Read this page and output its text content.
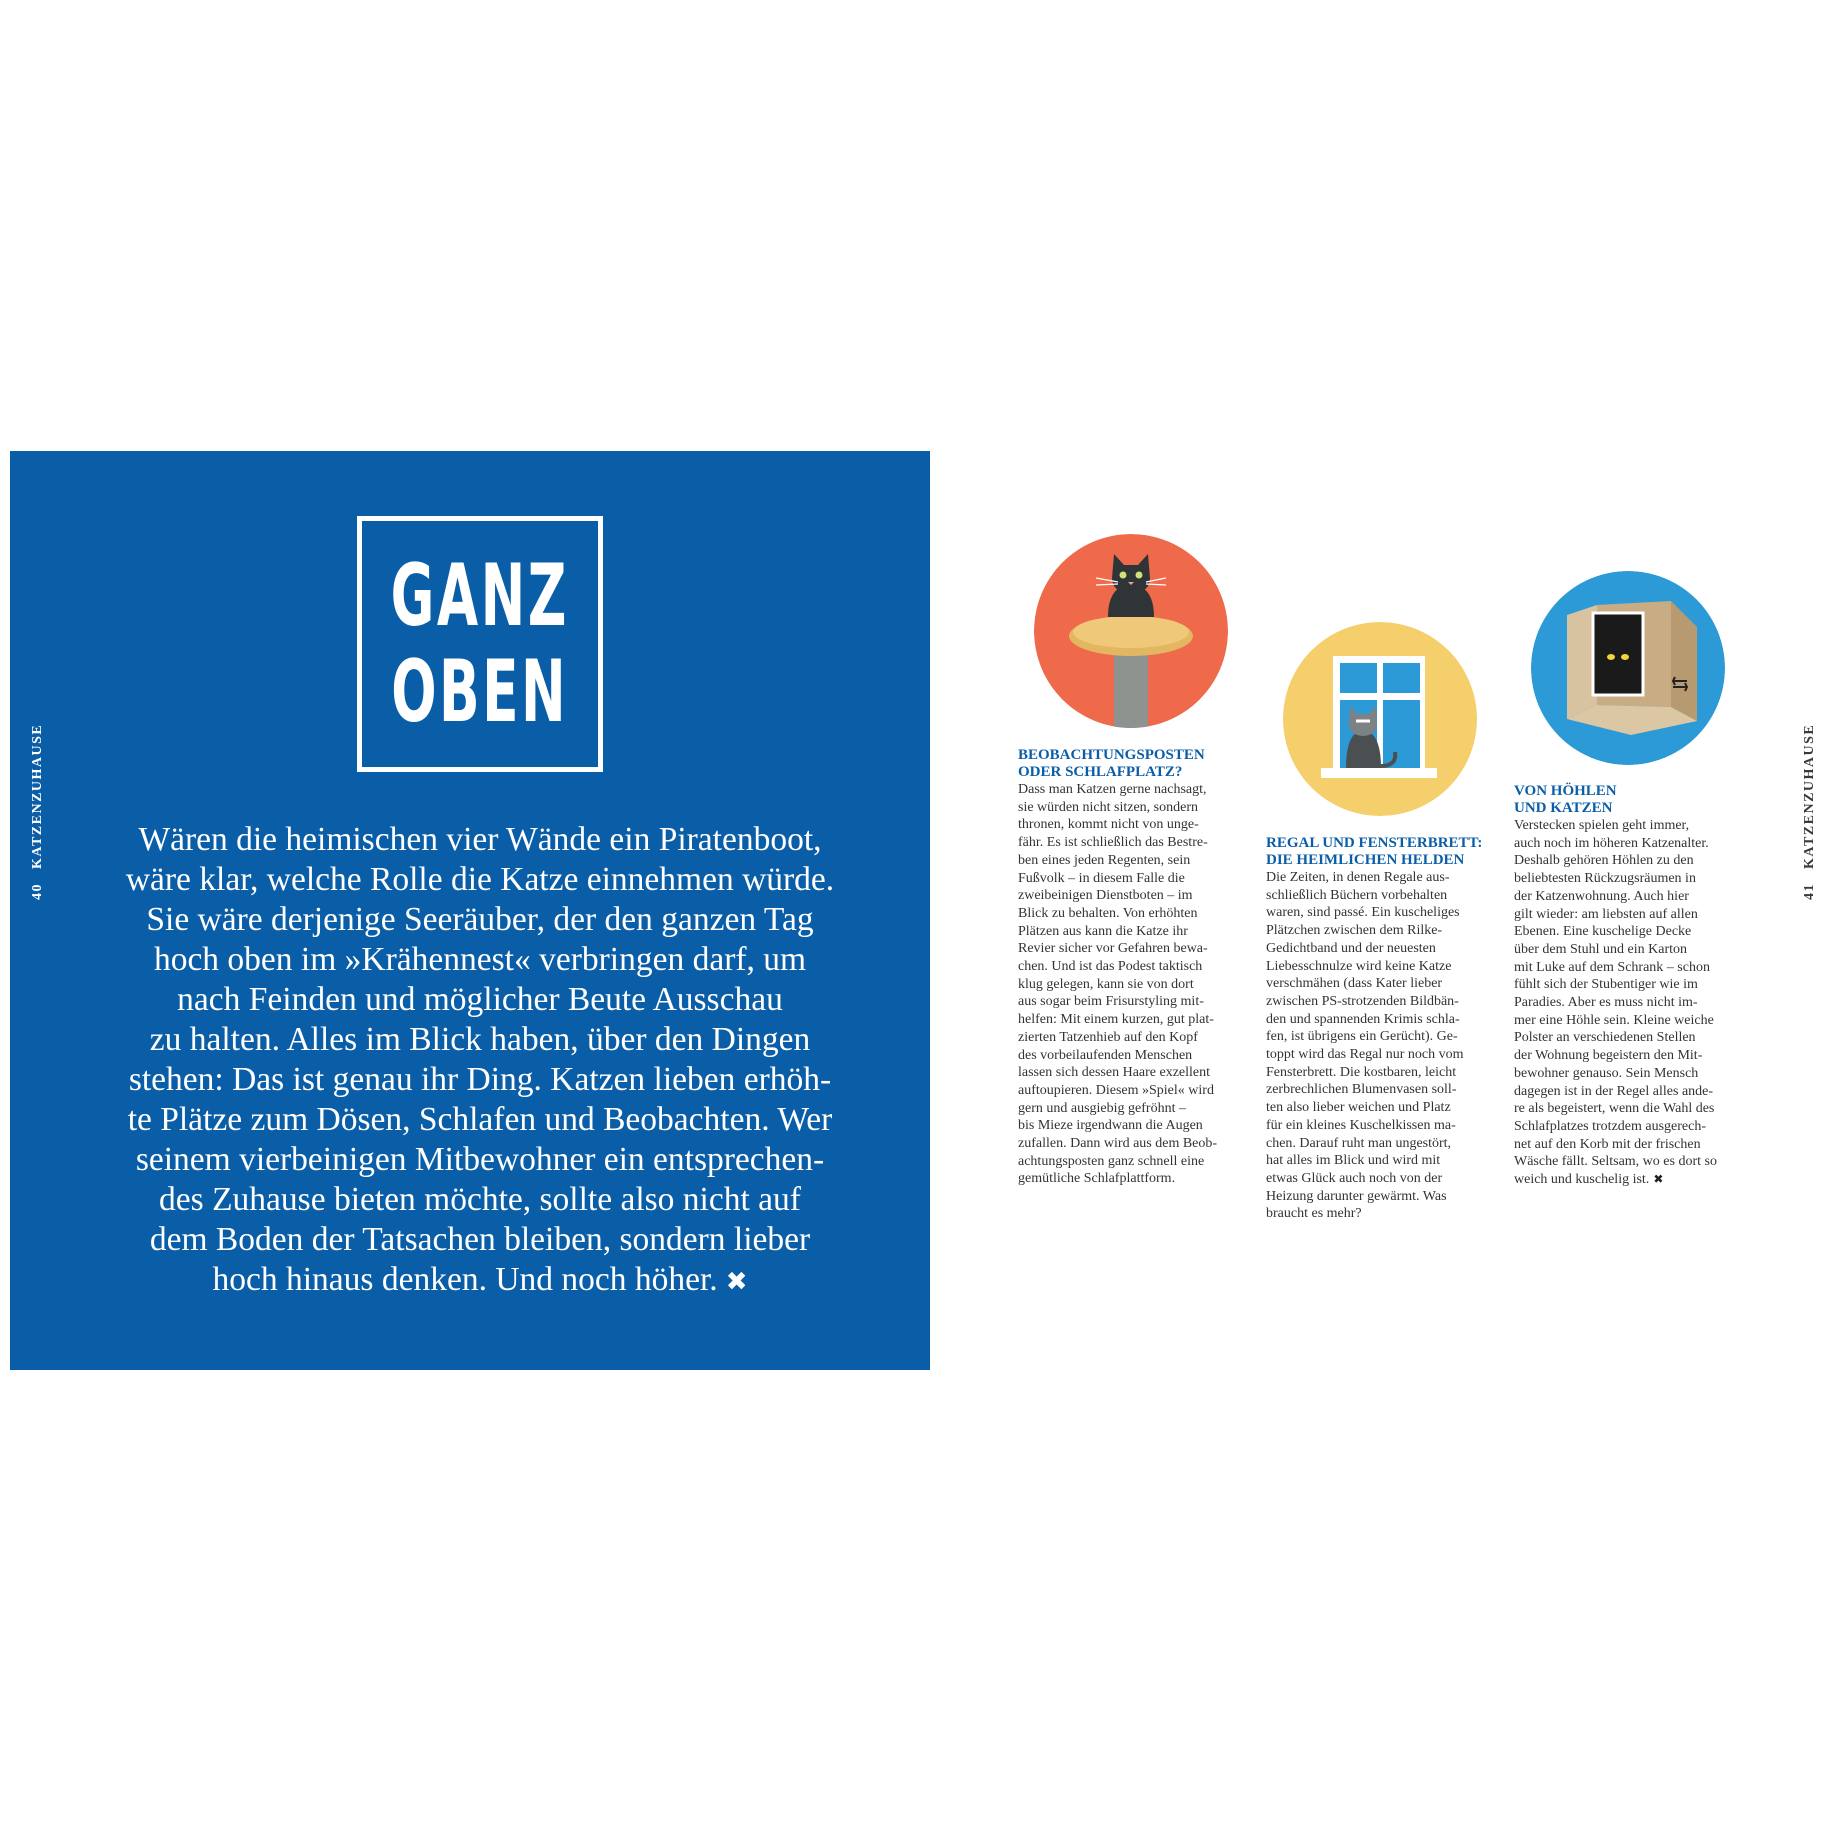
40KATZENZUHAUSE
GANZ
OBEN
Wären die heimischen vier Wände ein Piratenboot,
wäre klar, welche Rolle die Katze einnehmen würde.
Sie wäre derjenige Seeräuber, der den ganzen Tag
hoch oben im »Krähennest« verbringen darf, um
nach Feinden und möglicher Beute Ausschau
zu halten. Alles im Blick haben, über den Dingen
stehen: Das ist genau ihr Ding. Katzen lieben erhöh-
te Plätze zum Dösen, Schlafen und Beobachten. Wer
seinem vierbeinigen Mitbewohner ein entsprechen-
des Zuhause bieten möchte, sollte also nicht auf
dem Boden der Tatsachen bleiben, sondern lieber
hoch hinaus denken. Und noch höher. ✖
41KATZENZUHAUSE

BEOBACHTUNGSPOSTEN
ODER SCHLAFPLATZ?

Dass man Katzen gerne nachsagt,
sie würden nicht sitzen, sondern
thronen, kommt nicht von unge-
fähr. Es ist schließlich das Bestre-
ben eines jeden Regenten, sein
Fußvolk – in diesem Falle die
zweibeinigen Dienstboten – im
Blick zu behalten. Von erhöhten
Plätzen aus kann die Katze ihr
Revier sicher vor Gefahren bewa-
chen. Und ist das Podest taktisch
klug gelegen, kann sie von dort
aus sogar beim Frisurstyling mit-
helfen: Mit einem kurzen, gut plat-
zierten Tatzenhieb auf den Kopf
des vorbeilaufenden Menschen
lassen sich dessen Haare exzellent
auftoupieren. Diesem »Spiel« wird
gern und ausgiebig gefröhnt –
bis Mieze irgendwann die Augen
zufallen. Dann wird aus dem Beob-
achtungsposten ganz schnell eine
gemütliche Schlafplattform.

REGAL UND FENSTERBRETT:
DIE HEIMLICHEN HELDEN

Die Zeiten, in denen Regale aus-
schließlich Büchern vorbehalten
waren, sind passé. Ein kuscheliges
Plätzchen zwischen dem Rilke-
Gedichtband und der neuesten
Liebesschnulze wird keine Katze
verschmähen (dass Kater lieber
zwischen PS-strotzenden Bildbän-
den und spannenden Krimis schla-
fen, ist übrigens ein Gerücht). Ge-
toppt wird das Regal nur noch vom
Fensterbrett. Die kostbaren, leicht
zerbrechlichen Blumenvasen soll-
ten also lieber weichen und Platz
für ein kleines Kuschelkissen ma-
chen. Darauf ruht man ungestört,
hat alles im Blick und wird mit
etwas Glück auch noch von der
Heizung darunter gewärmt. Was
braucht es mehr?

VON HÖHLEN
UND KATZEN

Verstecken spielen geht immer,
auch noch im höheren Katzenalter.
Deshalb gehören Höhlen zu den
beliebtesten Rückzugsräumen in
der Katzenwohnung. Auch hier
gilt wieder: am liebsten auf allen
Ebenen. Eine kuschelige Decke
über dem Stuhl und ein Karton
mit Luke auf dem Schrank – schon
fühlt sich der Stubentiger wie im
Paradies. Aber es muss nicht im-
mer eine Höhle sein. Kleine weiche
Polster an verschiedenen Stellen
der Wohnung begeistern den Mit-
bewohner genauso. Sein Mensch
dagegen ist in der Regel alles ande-
re als begeistert, wenn die Wahl des
Schlafplatzes trotzdem ausgerech-
net auf den Korb mit der frischen
Wäsche fällt. Seltsam, wo es dort so
weich und kuschelig ist. ✖
